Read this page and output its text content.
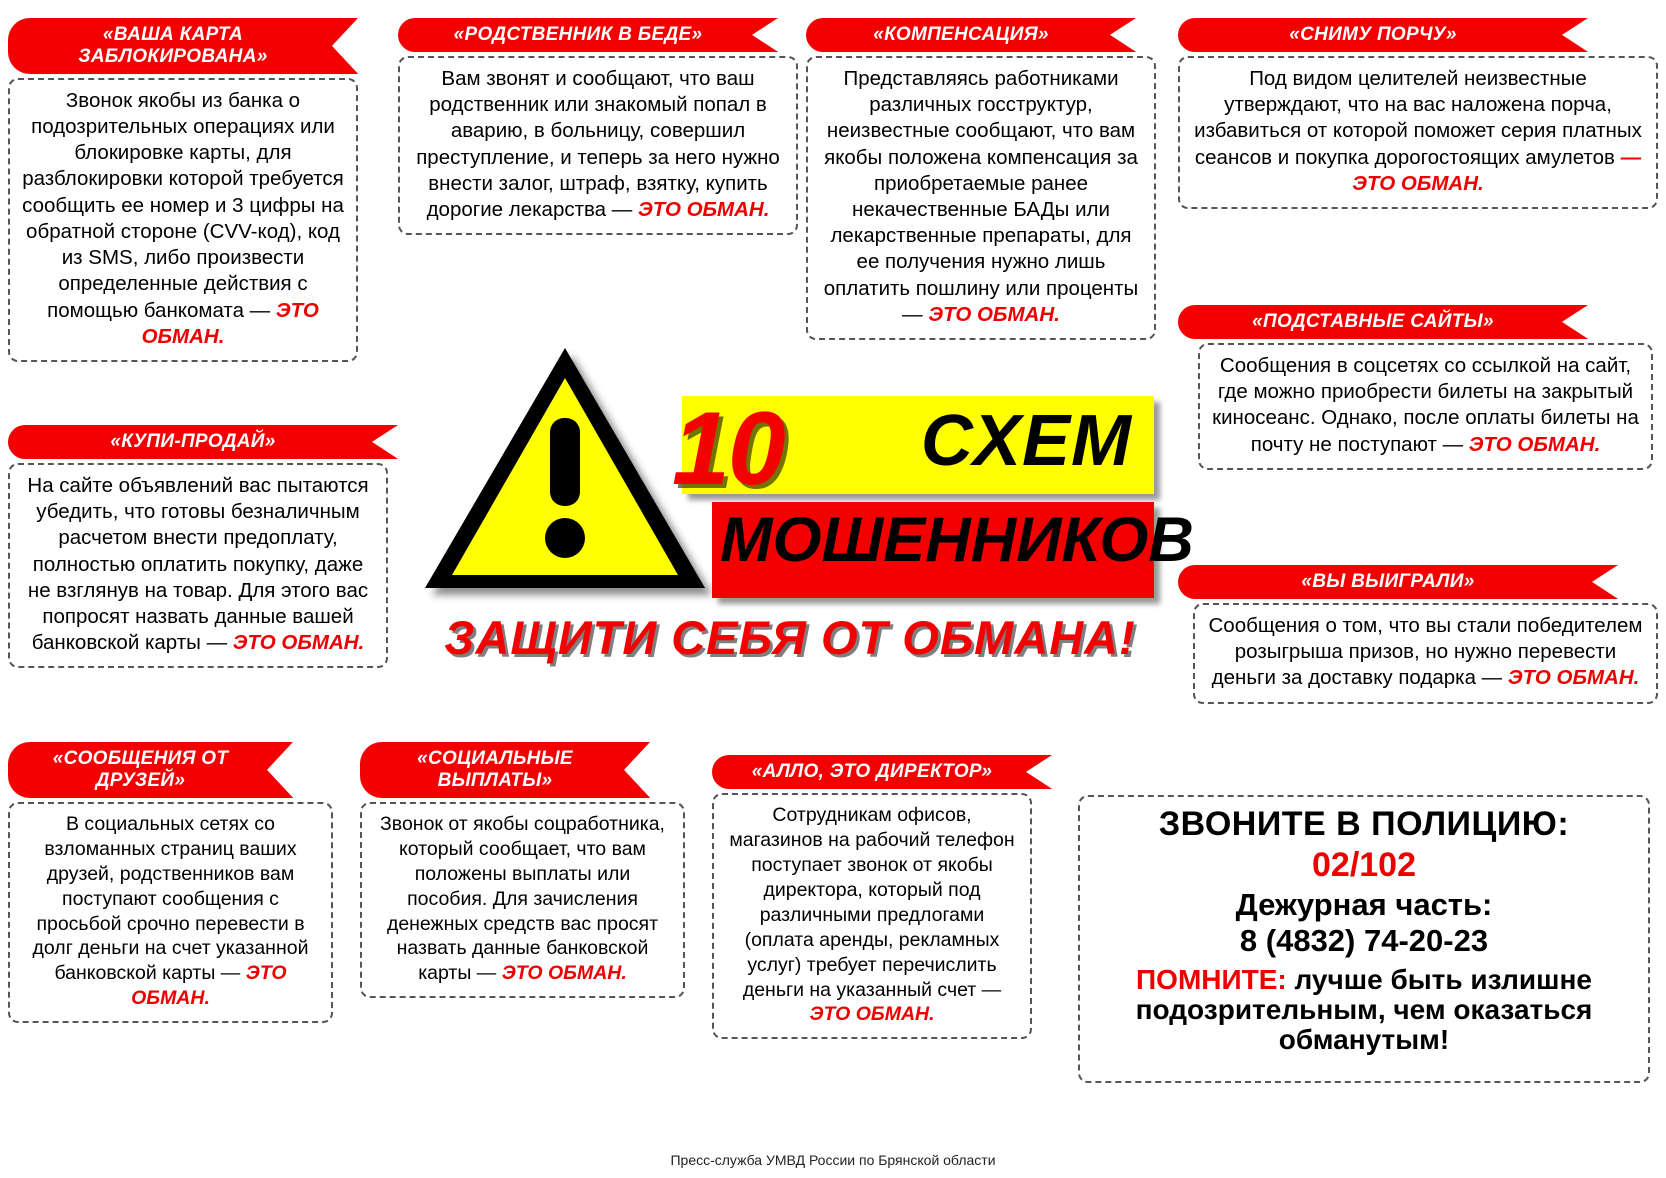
«ВАША КАРТА ЗАБЛОКИРОВАНА»
Звонок якобы из банка о подозрительных операциях или блокировке карты, для разблокировки которой требуется сообщить ее номер и 3 цифры на обратной стороне (CVV-код), код из SMS, либо произвести определенные действия с помощью банкомата — ЭТО ОБМАН.
«РОДСТВЕННИК В БЕДЕ»
Вам звонят и сообщают, что ваш родственник или знакомый попал в аварию, в больницу, совершил преступление, и теперь за него нужно внести залог, штраф, взятку, купить дорогие лекарства — ЭТО ОБМАН.
«КОМПЕНСАЦИЯ»
Представляясь работниками различных госструктур, неизвестные сообщают, что вам якобы положена компенсация за приобретаемые ранее некачественные БАДы или лекарственные препараты, для ее получения нужно лишь оплатить пошлину или проценты — ЭТО ОБМАН.
«СНИМУ ПОРЧУ»
Под видом целителей неизвестные утверждают, что на вас наложена порча, избавиться от которой поможет серия платных сеансов и покупка дорогостоящих амулетов — ЭТО ОБМАН.
«ПОДСТАВНЫЕ САЙТЫ»
Сообщения в соцсетях со ссылкой на сайт, где можно приобрести билеты на закрытый киносеанс. Однако, после оплаты билеты на почту не поступают — ЭТО ОБМАН.
«КУПИ-ПРОДАЙ»
На сайте объявлений вас пытаются убедить, что готовы безналичным расчетом внести предоплату, полностью оплатить покупку, даже не взглянув на товар. Для этого вас попросят назвать данные вашей банковской карты — ЭТО ОБМАН.
«ВЫ ВЫИГРАЛИ»
Сообщения о том, что вы стали победителем розыгрыша призов, но нужно перевести деньги за доставку подарка — ЭТО ОБМАН.
«СООБЩЕНИЯ ОТ ДРУЗЕЙ»
В социальных сетях со взломанных страниц ваших друзей, родственников вам поступают сообщения с просьбой срочно перевести в долг деньги на счет указанной банковской карты — ЭТО ОБМАН.
«СОЦИАЛЬНЫЕ ВЫПЛАТЫ»
Звонок от якобы соцработника, который сообщает, что вам положены выплаты или пособия. Для зачисления денежных средств вас просят назвать данные банковской карты — ЭТО ОБМАН.
«АЛЛО, ЭТО ДИРЕКТОР»
Сотрудникам офисов, магазинов на рабочий телефон поступает звонок от якобы директора, который под различными предлогами (оплата аренды, рекламных услуг) требует перечислить деньги на указанный счет — ЭТО ОБМАН.
СХЕМ
МОШЕННИКОВ
10
ЗАЩИТИ СЕБЯ ОТ ОБМАНА!
ЗВОНИТЕ В ПОЛИЦИЮ:
02/102
Дежурная часть:
8 (4832) 74-20-23
ПОМНИТЕ: лучше быть излишне подозрительным, чем оказаться обманутым!
Пресс-служба УМВД России по Брянской области
